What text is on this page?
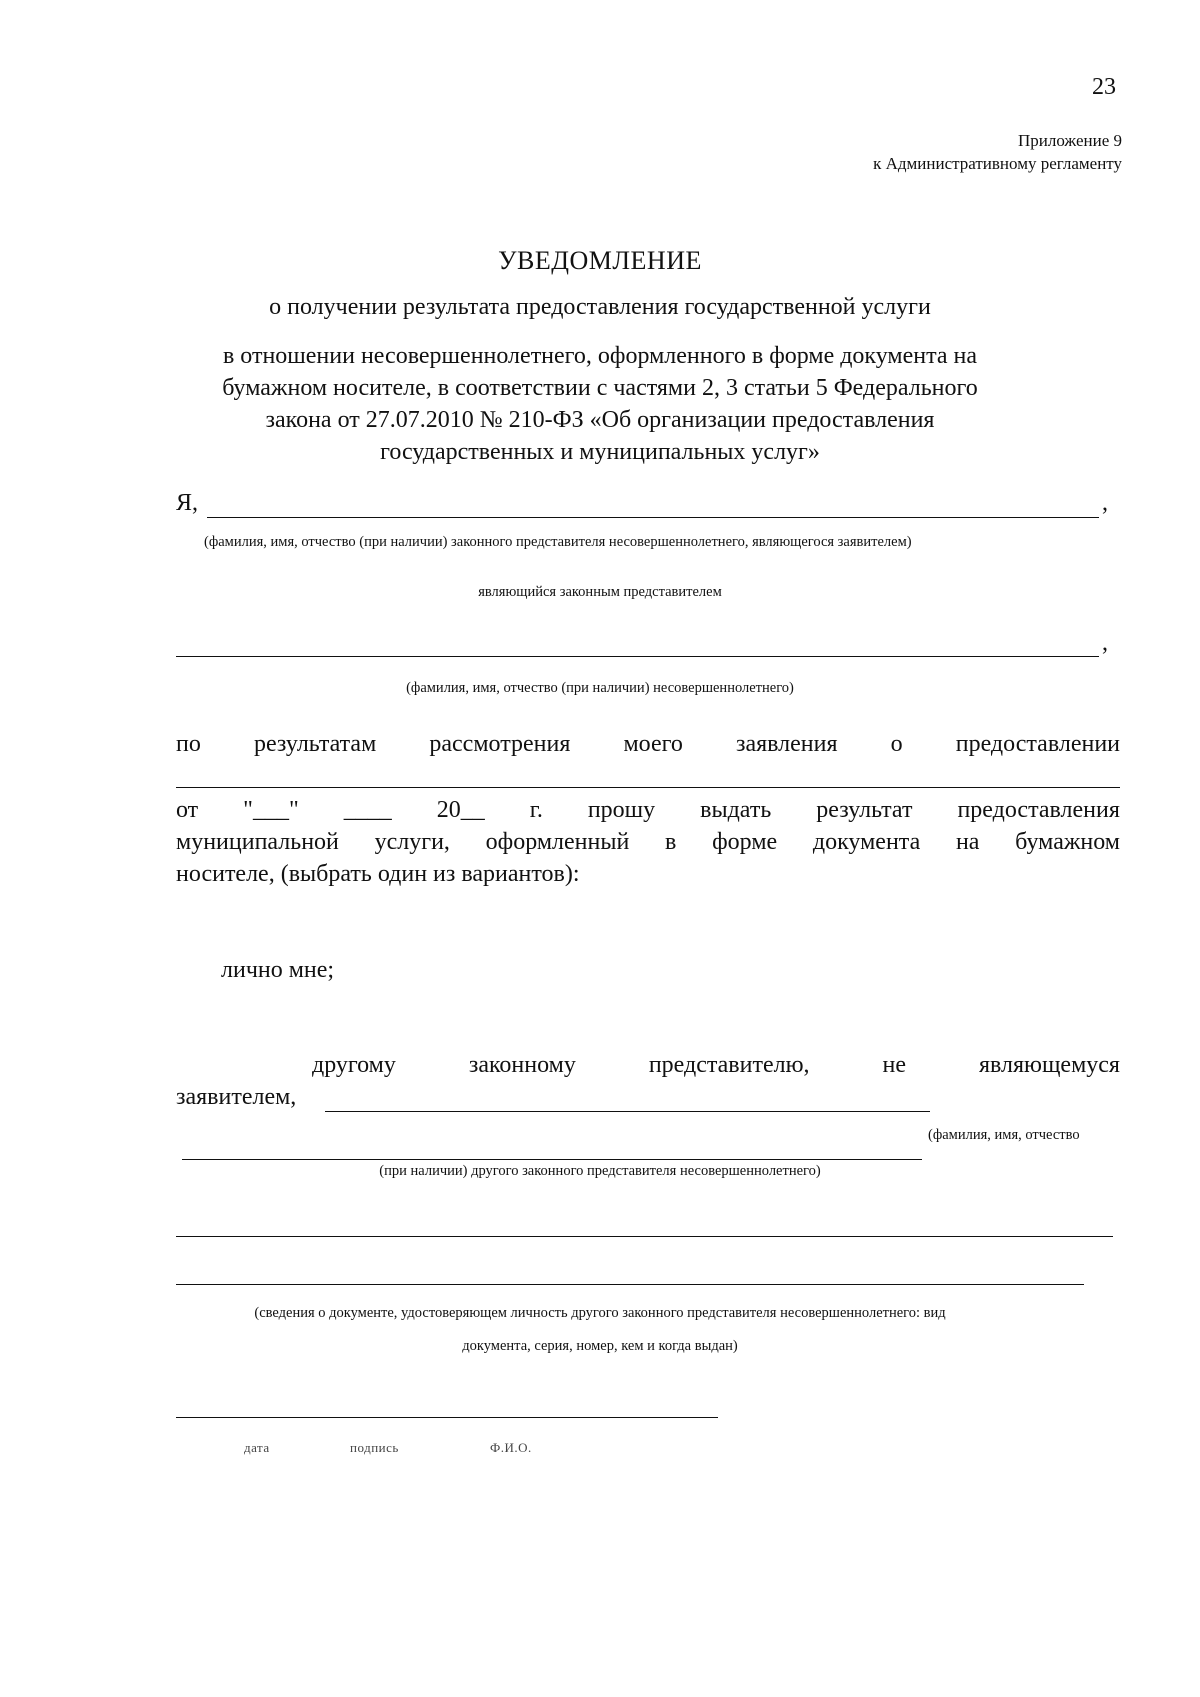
23
Приложение 9
к Административному регламенту
УВЕДОМЛЕНИЕ
о получении результата предоставления государственной услуги
в отношении несовершеннолетнего, оформленного в форме документа на
бумажном носителе, в соответствии с частями 2, 3 статьи 5 Федерального
закона от 27.07.2010 № 210-ФЗ «Об организации предоставления
государственных и муниципальных услуг»
Я,	,
(фамилия, имя, отчество (при наличии) законного представителя несовершеннолетнего, являющегося заявителем)
являющийся законным представителем
,
(фамилия, имя, отчество (при наличии) несовершеннолетнего)
по результатам рассмотрения моего заявления о предоставлении
от "___" ____ 20__ г. прошу выдать результат предоставления
муниципальной услуги, оформленный в форме документа на бумажном
носителе, (выбрать один из вариантов):
лично мне;
другому	законному	представителю,	не	являющемуся
заявителем,
(фамилия, имя, отчество
(при наличии) другого законного представителя несовершеннолетнего)
(сведения о документе, удостоверяющем личность другого законного представителя несовершеннолетнего: вид
документа, серия, номер, кем и когда выдан)
дата	подпись	Ф.И.О.
